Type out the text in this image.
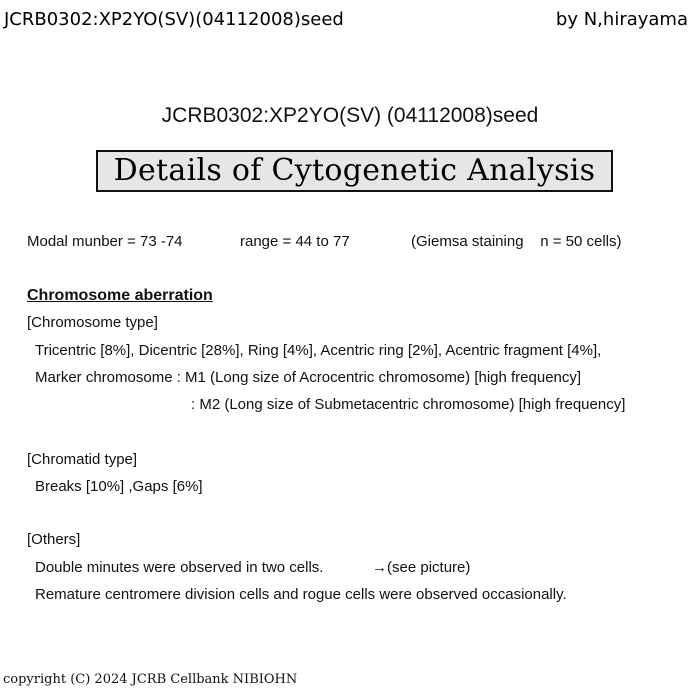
JCRB0302:XP2YO(SV)(04112008)seed	by N,hirayama
JCRB0302:XP2YO(SV) (04112008)seed
Details of Cytogenetic Analysis
Modal munber = 73 -74	range = 44 to 77	(Giemsa staining    n = 50 cells)
Chromosome aberration
[Chromosome type]
Tricentric [8%], Dicentric [28%], Ring [4%], Acentric ring [2%], Acentric fragment [4%],
Marker chromosome : M1 (Long size of Acrocentric chromosome) [high frequency]
: M2 (Long size of Submetacentric chromosome) [high frequency]
[Chromatid type]
Breaks [10%] ,Gaps [6%]
[Others]
Double minutes were observed in two cells.	→(see picture)
Remature centromere division cells and rogue cells were observed occasionally.
copyright (C) 2024 JCRB Cellbank NIBIOHN
